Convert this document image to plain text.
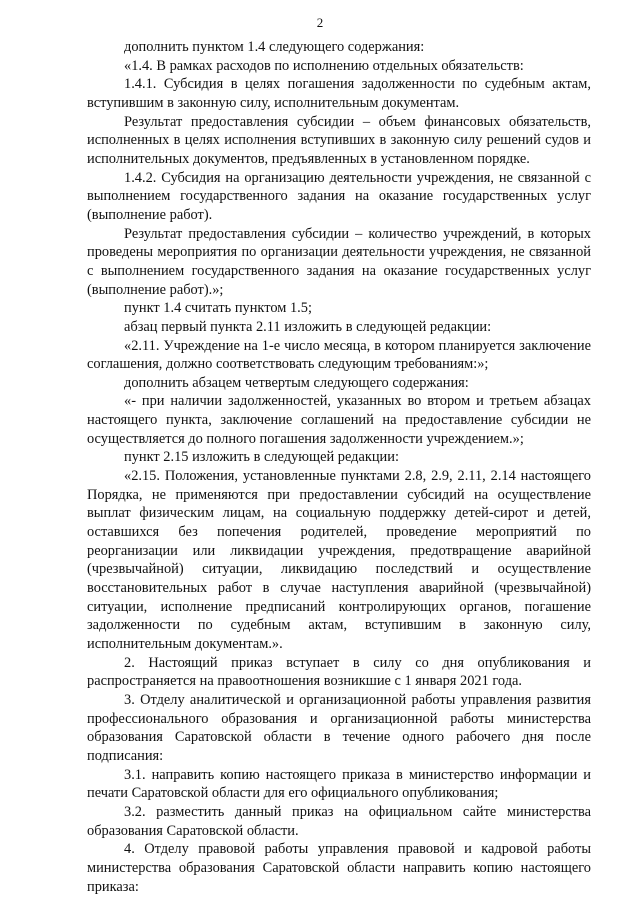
2

дополнить пунктом 1.4 следующего содержания:

«1.4. В рамках расходов по исполнению отдельных обязательств:

1.4.1. Субсидия в целях погашения задолженности по судебным актам, вступившим в законную силу, исполнительным документам.

Результат предоставления субсидии – объем финансовых обязательств, исполненных в целях исполнения вступивших в законную силу решений судов и исполнительных документов, предъявленных в установленном порядке.

1.4.2. Субсидия на организацию деятельности учреждения, не связанной с выполнением государственного задания на оказание государственных услуг (выполнение работ).

Результат предоставления субсидии – количество учреждений, в которых проведены мероприятия по организации деятельности учреждения, не связанной с выполнением государственного задания на оказание государственных услуг (выполнение работ).»;

пункт 1.4 считать пунктом 1.5;

абзац первый пункта 2.11 изложить в следующей редакции:

«2.11. Учреждение на 1-е число месяца, в котором планируется заключение соглашения, должно соответствовать следующим требованиям:»;

дополнить абзацем четвертым следующего содержания:

«- при наличии задолженностей, указанных во втором и третьем абзацах настоящего пункта, заключение соглашений на предоставление субсидии не осуществляется до полного погашения задолженности учреждением.»;

пункт 2.15 изложить в следующей редакции:

«2.15. Положения, установленные пунктами 2.8, 2.9, 2.11, 2.14 настоящего Порядка, не применяются при предоставлении субсидий на осуществление выплат физическим лицам, на социальную поддержку детей-сирот и детей, оставшихся без попечения родителей, проведение мероприятий по реорганизации или ликвидации учреждения, предотвращение аварийной (чрезвычайной) ситуации, ликвидацию последствий и осуществление восстановительных работ в случае наступления аварийной (чрезвычайной) ситуации, исполнение предписаний контролирующих органов, погашение задолженности по судебным актам, вступившим в законную силу, исполнительным документам.».

2. Настоящий приказ вступает в силу со дня опубликования и распространяется на правоотношения возникшие с 1 января 2021 года.

3. Отделу аналитической и организационной работы управления развития профессионального образования и организационной работы министерства образования Саратовской области в течение одного рабочего дня после подписания:

3.1. направить копию настоящего приказа в министерство информации и печати Саратовской области для его официального опубликования;

3.2. разместить данный приказ на официальном сайте министерства образования Саратовской области.

4. Отделу правовой работы управления правовой и кадровой работы министерства образования Саратовской области направить копию настоящего приказа:
